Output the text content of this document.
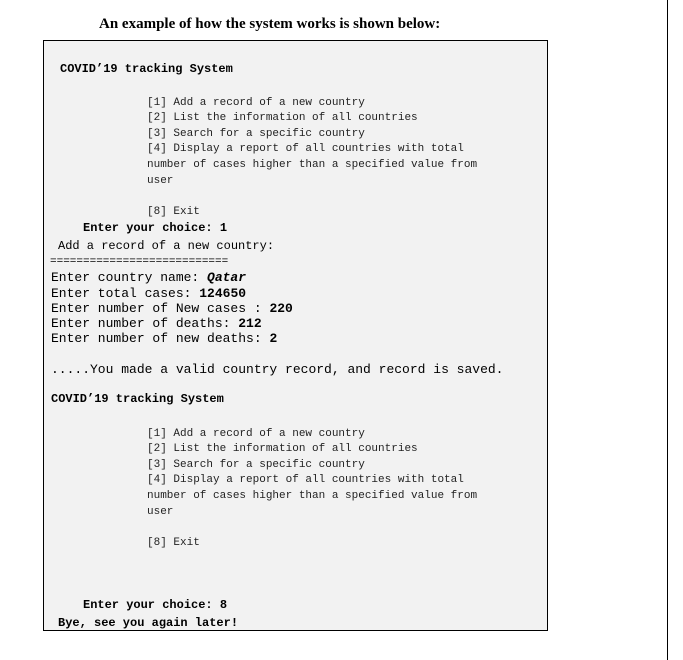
An example of how the system works is shown below:
COVID’19 tracking System
[1] Add a record of a new country
[2] List the information of all countries
[3] Search for a specific country
[4] Display a report of all countries with total
number of cases higher than a specified value from
user
[8] Exit
Enter your choice: 1
Add a record of a new country:
===========================
Enter country name: Qatar
Enter total cases: 124650
Enter number of New cases : 220
Enter number of deaths: 212
Enter number of new deaths: 2
.....You made a valid country record, and record is saved.
COVID’19 tracking System
[1] Add a record of a new country
[2] List the information of all countries
[3] Search for a specific country
[4] Display a report of all countries with total
number of cases higher than a specified value from
user
[8] Exit
Enter your choice: 8
Bye, see you again later!
